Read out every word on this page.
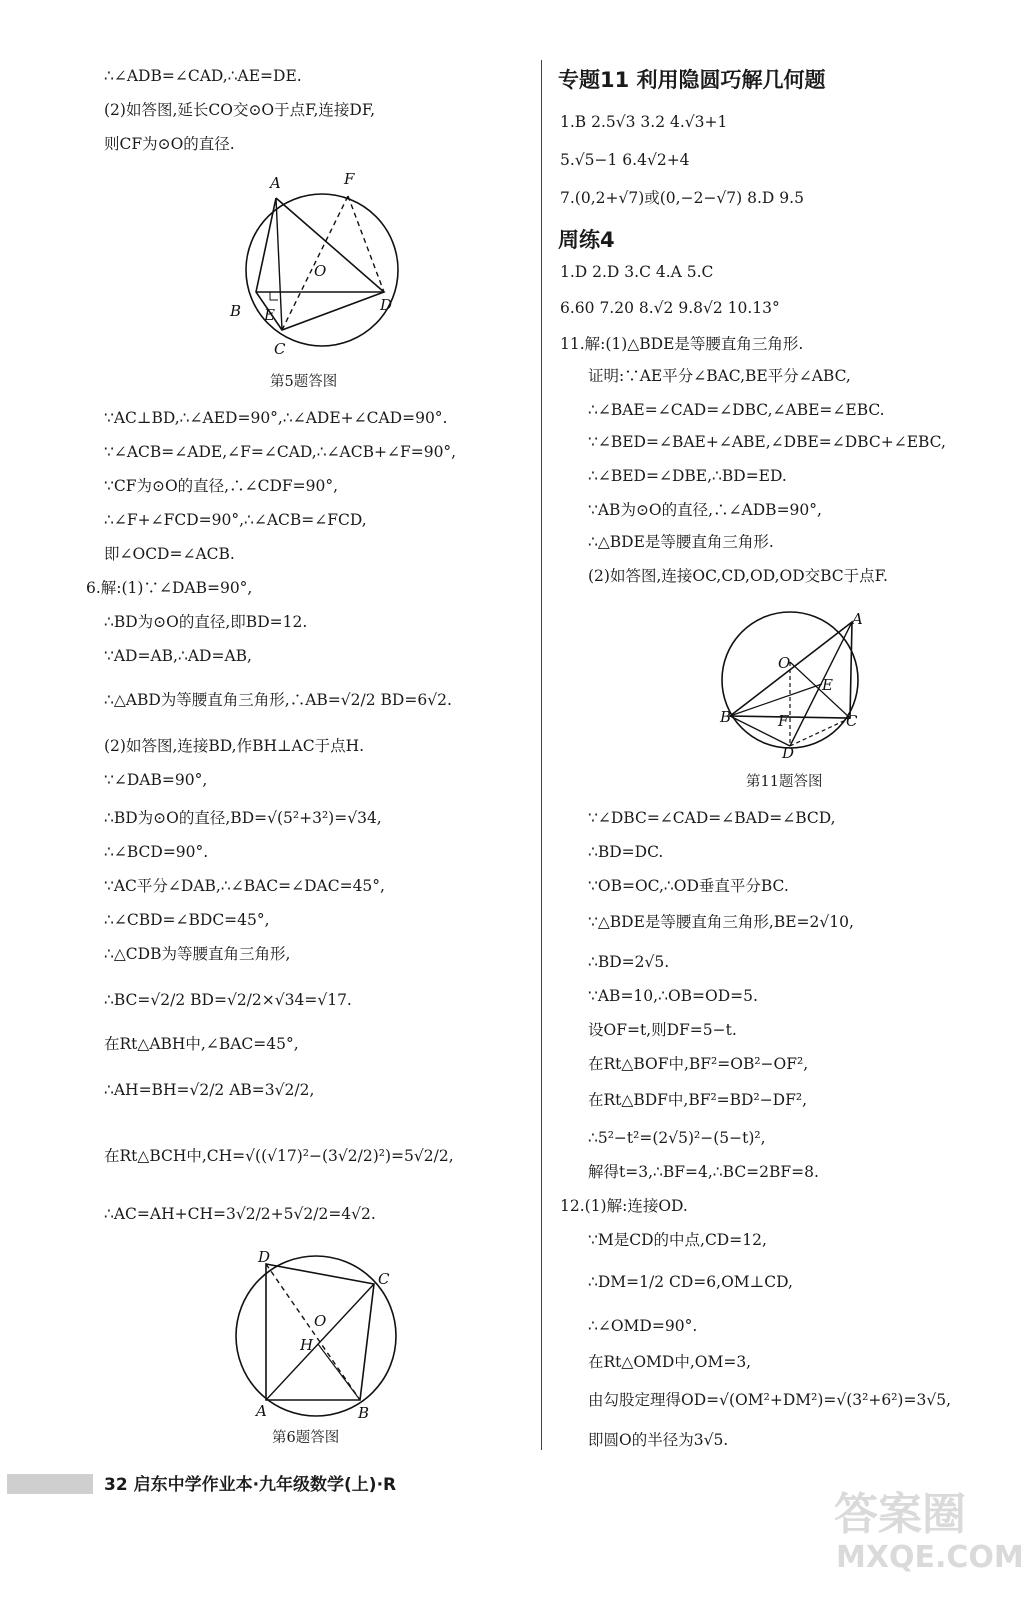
∴∠ADB=∠CAD,∴AE=DE.
(2)如答图,延长CO交⊙O于点F,连接DF,
则CF为⊙O的直径.
A	F
O
B E
D
C
第5题答图
∵AC⊥BD,∴∠AED=90°,∴∠ADE+∠CAD=90°.
∵∠ACB=∠ADE,∠F=∠CAD,∴∠ACB+∠F=90°,
∵CF为⊙O的直径,∴∠CDF=90°,
∴∠F+∠FCD=90°,∴∠ACB=∠FCD,
即∠OCD=∠ACB.
6.解:(1)∵∠DAB=90°,
∴BD为⊙O的直径,即BD=12.
∵AD=AB,∴AD=AB,
∴△ABD为等腰直角三角形,∴AB=√2/2 BD=6√2.
(2)如答图,连接BD,作BH⊥AC于点H.
∵∠DAB=90°,
∴BD为⊙O的直径,BD=√(5²+3²)=√34,
∴∠BCD=90°.
∵AC平分∠DAB,∴∠BAC=∠DAC=45°,
∴∠CBD=∠BDC=45°,
∴△CDB为等腰直角三角形,
∴BC=√2/2 BD=√2/2×√34=√17.
在Rt△ABH中,∠BAC=45°,
∴AH=BH=√2/2 AB=3√2/2,
在Rt△BCH中,CH=√((√17)²−(3√2/2)²)=5√2/2,
∴AC=AH+CH=3√2/2+5√2/2=4√2.
D
C
O
H
A	B
第6题答图
专题11 利用隐圆巧解几何题
1.B 2.5√3 3.2 4.√3+1
5.√5−1 6.4√2+4
7.(0,2+√7)或(0,−2−√7) 8.D 9.5
周练4
1.D 2.D 3.C 4.A 5.C
6.60 7.20 8.√2 9.8√2 10.13°
11.解:(1)△BDE是等腰直角三角形.
证明:∵AE平分∠BAC,BE平分∠ABC,
∴∠BAE=∠CAD=∠DBC,∠ABE=∠EBC.
∵∠BED=∠BAE+∠ABE,∠DBE=∠DBC+∠EBC,
∴∠BED=∠DBE,∴BD=ED.
∵AB为⊙O的直径,∴∠ADB=90°,
∴△BDE是等腰直角三角形.
(2)如答图,连接OC,CD,OD,OD交BC于点F.
A
O
E
B	F	C
D
第11题答图
∵∠DBC=∠CAD=∠BAD=∠BCD,
∴BD=DC.
∵OB=OC,∴OD垂直平分BC.
∵△BDE是等腰直角三角形,BE=2√10,
∴BD=2√5.
∵AB=10,∴OB=OD=5.
设OF=t,则DF=5−t.
在Rt△BOF中,BF²=OB²−OF²,
在Rt△BDF中,BF²=BD²−DF²,
∴5²−t²=(2√5)²−(5−t)²,
解得t=3,∴BF=4,∴BC=2BF=8.
12.(1)解:连接OD.
∵M是CD的中点,CD=12,
∴DM=1/2 CD=6,OM⊥CD,
∴∠OMD=90°.
在Rt△OMD中,OM=3,
由勾股定理得OD=√(OM²+DM²)=√(3²+6²)=3√5,
即圆O的半径为3√5.
32 启东中学作业本·九年级数学(上)·R
答案圈
MXQE.COM
